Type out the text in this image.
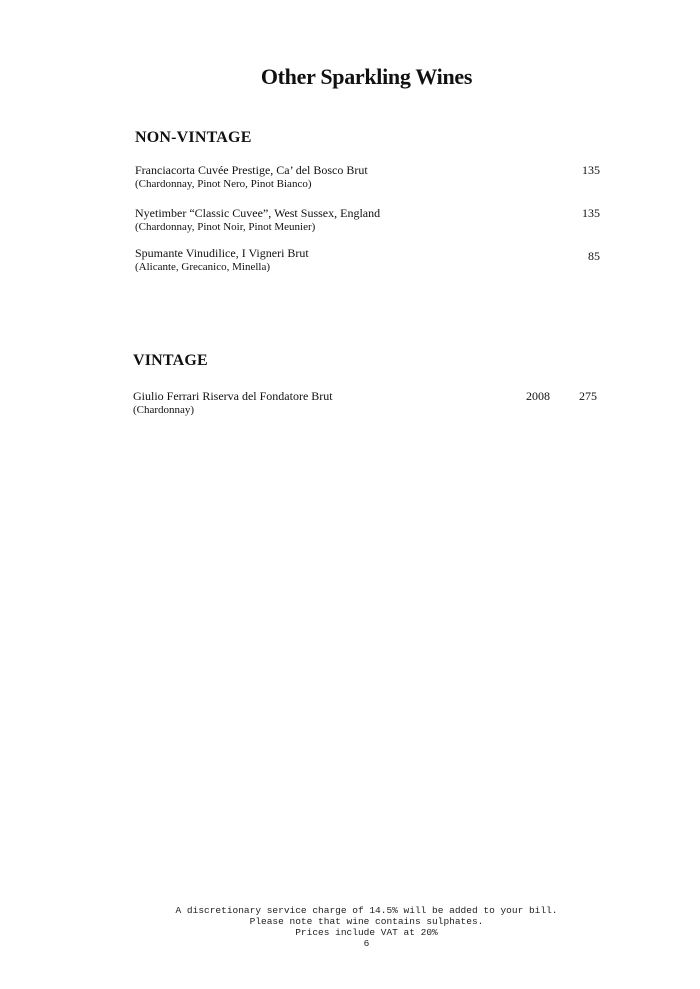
Other Sparkling Wines
NON-VINTAGE
Franciacorta Cuvée Prestige, Ca’ del Bosco Brut
(Chardonnay, Pinot Nero, Pinot Bianco)
135
Nyetimber “Classic Cuvee”, West Sussex, England
(Chardonnay, Pinot Noir, Pinot Meunier)
135
Spumante Vinudilice, I Vigneri Brut
(Alicante, Grecanico, Minella)
85
VINTAGE
Giulio Ferrari Riserva del Fondatore Brut
(Chardonnay)
2008	275
A discretionary service charge of 14.5% will be added to your bill.
Please note that wine contains sulphates.
Prices include VAT at 20%
6
